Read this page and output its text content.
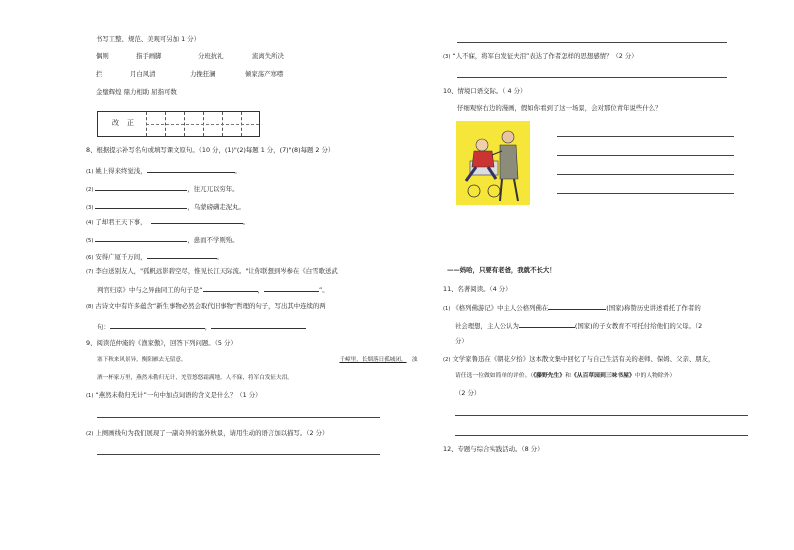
书写工整、规范、美观可另加 1 分）
偶则	指手画脚	分班抗礼	流离失所决
拦	月白风清	力挽狂澜	倾家荡产寒噤
金璧辉煌 鼎力相助 屈指可数
改 正
8、根据提示补写名句或填写课文原句。（10 分，(1)"(2)每题 1 分，(7)"(8)每题 2 分）
(1) 姚上得来终觉浅，	。
(2)	，往兀兀以穷年。
(3)	，乌蒙磅礴走泥丸。
(4) 了却君王天下事，	。
(5)	，患而不学则殆。
(6) 安得广厦千万间，	。
(7) 李白送别友人，"孤帆远影碧空尽，惟见长江天际流。"让你联想到岑参在《白雪歌送武
判官归京》中与之异曲同工的句子是“	，	”。
(8) 古诗文中有许多蕴含“新生事物必然会取代旧事物”哲理的句子，写出其中连续的两
句：	，
9、阅读范仲淹的《渔家傲》，回答下列问题。（5 分）
塞下秋来风景异，衡阳雁去无留意。	千嶂里，长烟落日孤城闭。 浊
酒一杯家万里，燕然未勒归无计，羌管悠悠霜满地。人不寐，将军白发征夫泪。
(1) “燕然未勒归无计”一句中加点词语的含义是什么？（1 分）
(2) 上阕画线句为我们展现了一副奇异的塞外秋景，请用生动的语言加以描写。（2 分）
(3) “人不寐，将军白发征夫泪”表达了作者怎样的思想感情？（2 分）
10、情境口语交际。（ 4 分）
仔细观察右边的漫画，假如你看到了这一场景，会对那位青年说些什么？
——妈哈，只要有老爸，我就不长大！
11、名著阅读。（4 分）
(1) 《格列佛游记》中主人公格列佛在	(国家)称赞历史讲述看托了作者的
社会理想，主人公认为	(国家)的子女教育不可托付给他们的父母。（2
分）
(2) 文学家鲁迅在《朝花夕拾》这本散文集中回忆了与自己生活有关的老师、保姆、父亲、朋友，
请任选一位做如简单的评价。（《藤野先生》和《从百草园到三味书屋》中的人物除外）
（2 分）
12、专题与综合实践活动。（8 分）
